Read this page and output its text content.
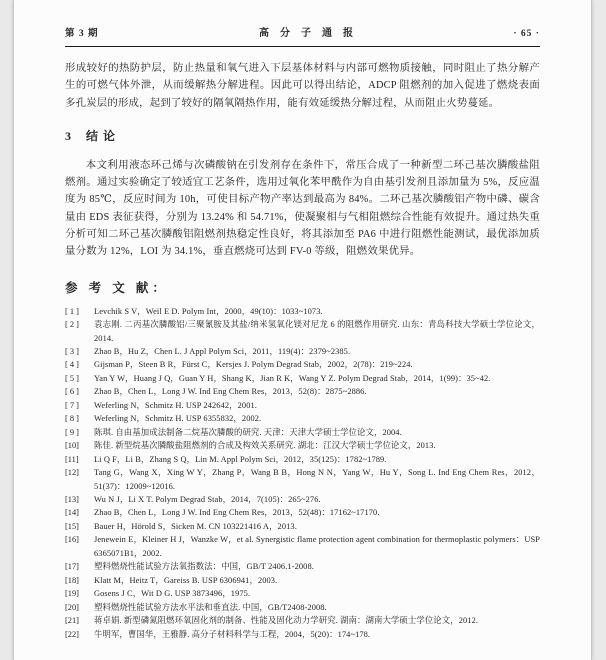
第 3 期	高分子通报	· 65 ·

形成较好的热防护层，防止热量和氧气进入下层基体材料与内部可燃物质接触，同时阻止了热分解产生的可燃气体外泄，从而缓解热分解进程。因此可以得出结论，ADCP 阻燃剂的加入促进了燃烧表面多孔炭层的形成，起到了较好的隔氧隔热作用，能有效延缓热分解过程，从而阻止火势蔓延。

3 结 论

本文利用液态环己烯与次磷酸钠在引发剂存在条件下，常压合成了一种新型二环己基次膦酸盐阻燃剂。通过实验确定了较适宜工艺条件，选用过氧化苯甲酰作为自由基引发剂且添加量为 5%，反应温度为 85℃，反应时间为 10h，可使目标产物产率达到最高为 84%。二环己基次膦酸铝产物中磷、碳含量由 EDS 表征获得，分别为 13.24% 和 54.71%，使凝聚相与气相阻燃综合性能有效提升。通过热失重分析可知二环己基次膦酸铝阻燃剂热稳定性良好，将其添加至 PA6 中进行阻燃性能测试，最优添加质量分数为 12%，LOI 为 34.1%，垂直燃烧可达到 FV-0 等级，阻燃效果优异。

参 考 文 献：
[ 1 ]	Levchik S V，Weil E D. Polym Int，2000，49(10)：1033~1073.
[ 2 ]	袁志刚. 二丙基次膦酸铝/三聚氰胺及其盐/纳米氢氧化镁对尼龙 6 的阻燃作用研究. 山东：青岛科技大学硕士学位论文，2014.
[ 3 ]	Zhao B，Hu Z，Chen L. J Appl Polym Sci，2011，119(4)：2379~2385.
[ 4 ]	Gijsman P，Steen B R，Fürst C，Kersjes J. Polym Degrad Stab，2002，2(78)：219~224.
[ 5 ]	Yan Y W，Huang J Q，Guan Y H，Shang K，Jian R K，Wang Y Z. Polym Degrad Stab，2014，1(99)：35~42.
[ 6 ]	Zhao B，Chen L，Long J W. Ind Eng Chem Res，2013，52(8)：2875~2886.
[ 7 ]	Weferling N，Schmitz H. USP 242642，2001.
[ 8 ]	Weferling N，Schmitz H. USP 6355832，2002.
[ 9 ]	陈琪. 自由基加成法制备二烷基次膦酸的研究. 天津：天津大学硕士学位论文，2004.
[10]	陈佳. 新型烷基次膦酸盐阻燃剂的合成及构效关系研究. 湖北：江汉大学硕士学位论文，2013.
[11]	Li Q F，Li B，Zhang S Q，Lin M. Appl Polym Sci，2012，35(125)：1782~1789.
[12]	Tang G，Wang X，Xing W Y，Zhang P，Wang B B，Hong N N，Yang W，Hu Y，Song L. Ind Eng Chem Res，2012，51(37)：12009~12016.
[13]	Wu N J，Li X T. Polym Degrad Stab，2014，7(105)：265~276.
[14]	Zhao B，Chen L，Long J W. Ind Eng Chem Res，2013，52(48)：17162~17170.
[15]	Bauer H，Hörold S，Sicken M. CN 103221416 A，2013.
[16]	Jenewein E，Kleiner H J，Wanzke W，et al. Synergistic flame protection agent combination for thermoplastic polymers：USP 6365071B1，2002.
[17]	塑料燃烧性能试验方法氧指数法：中国，GB/T 2406.1-2008.
[18]	Klatt M，Heitz T，Gareiss B. USP 6306941，2003.
[19]	Gosens J C，Wit D G. USP 3873496，1975.
[20]	塑料燃烧性能试验方法水平法和垂直法. 中国，GB/T2408-2008.
[21]	蒋卓娟. 新型磷氮阻燃环氧固化剂的制备、性能及固化动力学研究. 湖南：湖南大学硕士学位论文，2012.
[22]	牛明军，曹国华，王雅静. 高分子材料科学与工程，2004，5(20)：174~178.
